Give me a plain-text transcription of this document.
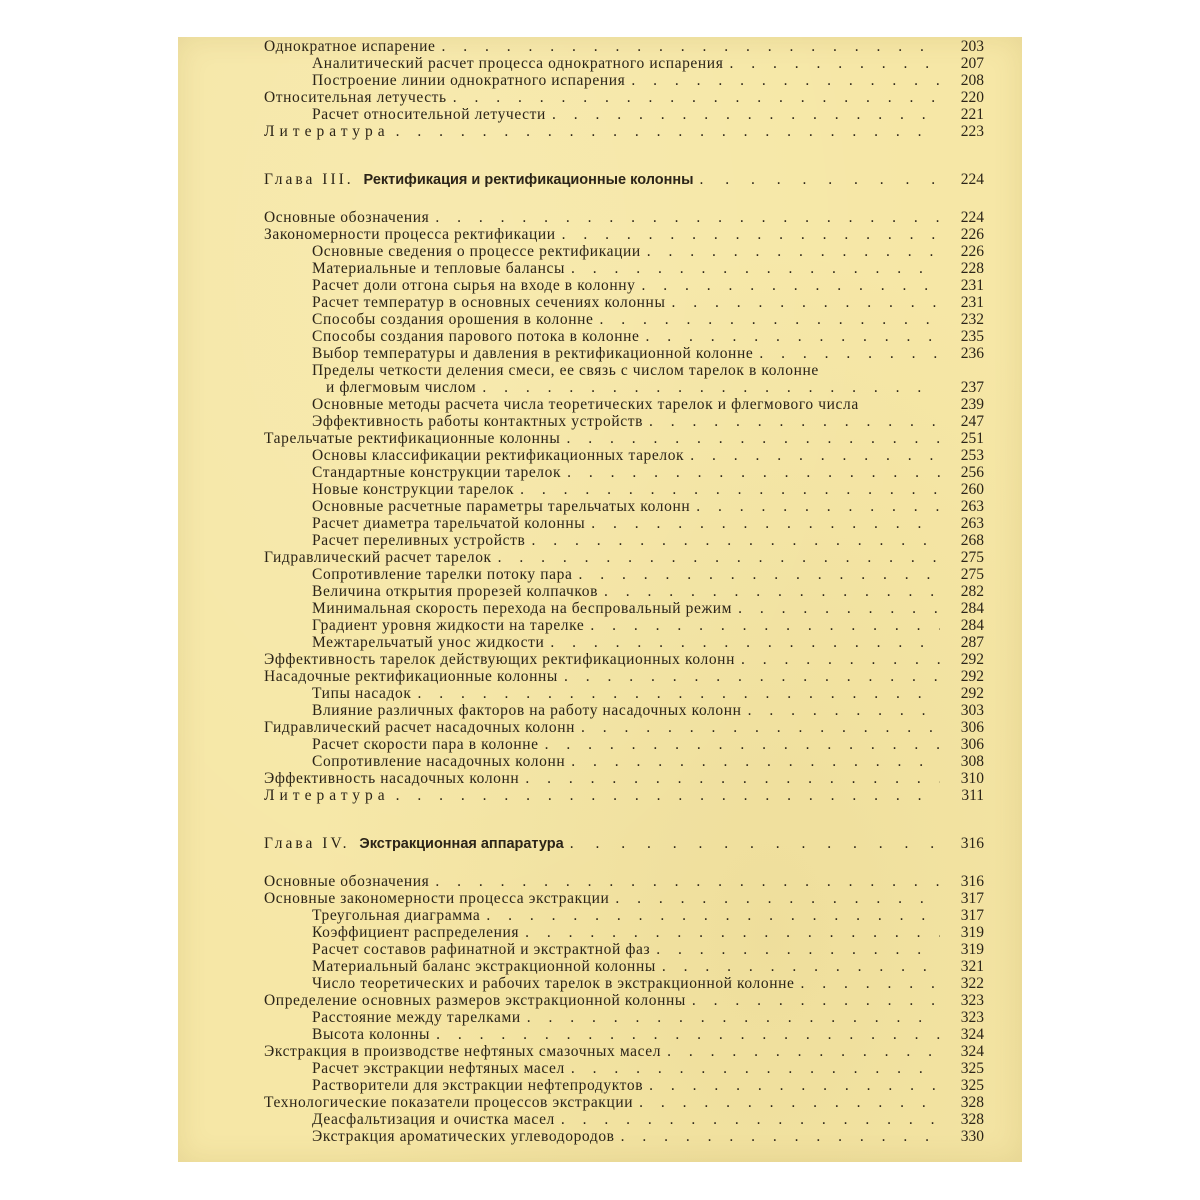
Однократное испарение . . .	203
Аналитический расчет процесса однократного испарения . . .	207
Построение линии однократного испарения . . .	208
Относительная летучесть . . .	220
Расчет относительной летучести . . .	221
Литература . . .	223
Глава III. Ректификация и ректификационные колонны . . .	224
Основные обозначения . . .	224
Закономерности процесса ректификации . . .	226
Основные сведения о процессе ректификации . . .	226
Материальные и тепловые балансы . . .	228
Расчет доли отгона сырья на входе в колонну . . .	231
Расчет температур в основных сечениях колонны . . .	231
Способы создания орошения в колонне . . .	232
Способы создания парового потока в колонне . . .	235
Выбор температуры и давления в ректификационной колонне . . .	236
Пределы четкости деления смеси, ее связь с числом тарелок в колонне
и флегмовым числом . . .	237
Основные методы расчета числа теоретических тарелок и флегмового числа	239
Эффективность работы контактных устройств . . .	247
Тарельчатые ректификационные колонны . . .	251
Основы классификации ректификационных тарелок . . .	253
Стандартные конструкции тарелок . . .	256
Новые конструкции тарелок . . .	260
Основные расчетные параметры тарельчатых колонн . . .	263
Расчет диаметра тарельчатой колонны . . .	263
Расчет переливных устройств . . .	268
Гидравлический расчет тарелок . . .	275
Сопротивление тарелки потоку пара . . .	275
Величина открытия прорезей колпачков . . .	282
Минимальная скорость перехода на беспровальный режим . . .	284
Градиент уровня жидкости на тарелке . . .	284
Межтарельчатый унос жидкости . . .	287
Эффективность тарелок действующих ректификационных колонн . . .	292
Насадочные ректификационные колонны . . .	292
Типы насадок . . .	292
Влияние различных факторов на работу насадочных колонн . . .	303
Гидравлический расчет насадочных колонн . . .	306
Расчет скорости пара в колонне . . .	306
Сопротивление насадочных колонн . . .	308
Эффективность насадочных колонн . . .	310
Литература . . .	311
Глава IV. Экстракционная аппаратура . . .	316
Основные обозначения . . .	316
Основные закономерности процесса экстракции . . .	317
Треугольная диаграмма . . .	317
Коэффициент распределения . . .	319
Расчет составов рафинатной и экстрактной фаз . . .	319
Материальный баланс экстракционной колонны . . .	321
Число теоретических и рабочих тарелок в экстракционной колонне . . .	322
Определение основных размеров экстракционной колонны . . .	323
Расстояние между тарелками . . .	323
Высота колонны . . .	324
Экстракция в производстве нефтяных смазочных масел . . .	324
Расчет экстракции нефтяных масел . . .	325
Растворители для экстракции нефтепродуктов . . .	325
Технологические показатели процессов экстракции . . .	328
Деасфальтизация и очистка масел . . .	328
Экстракция ароматических углеводородов . . .	330
